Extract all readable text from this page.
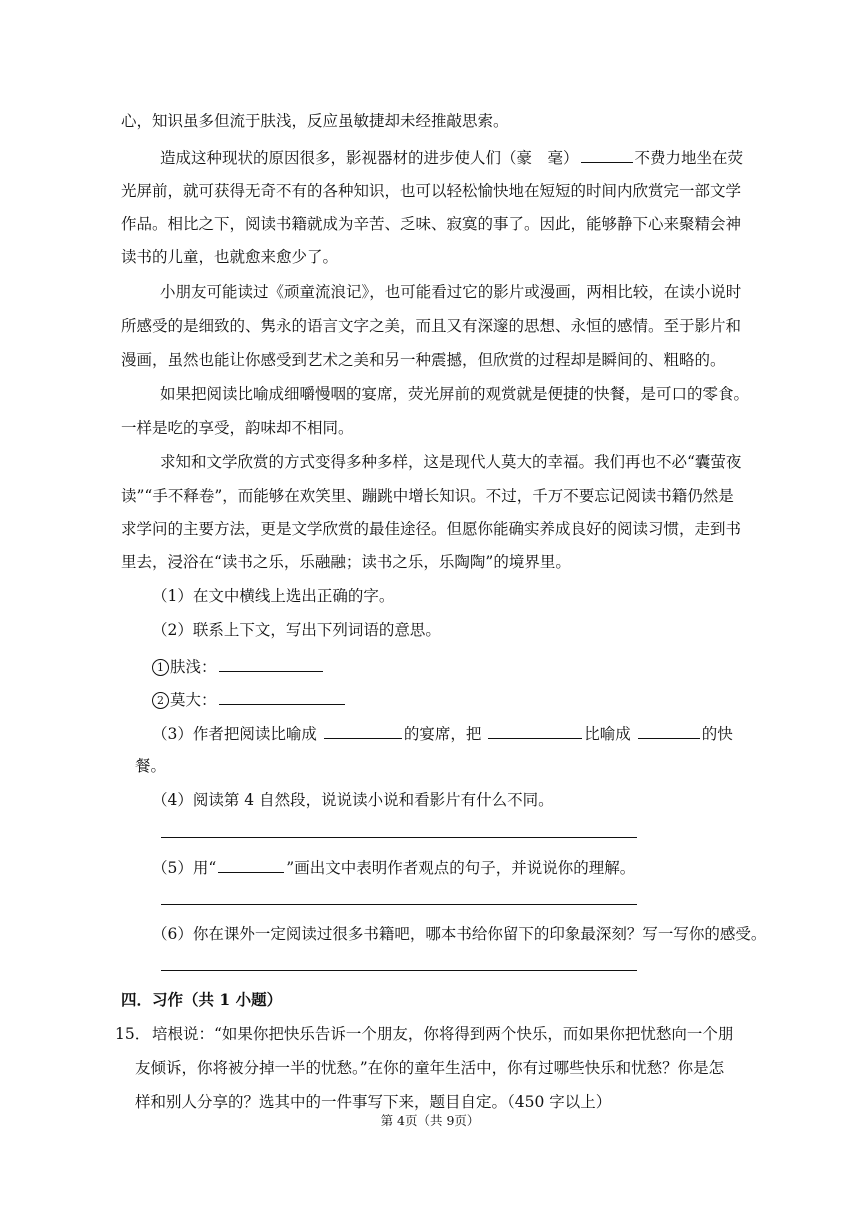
心，知识虽多但流于肤浅，反应虽敏捷却未经推敲思索。
造成这种现状的原因很多，影视器材的进步使人们（豪　毫）	不费力地坐在荧
光屏前，就可获得无奇不有的各种知识，也可以轻松愉快地在短短的时间内欣赏完一部文学
作品。相比之下，阅读书籍就成为辛苦、乏味、寂寞的事了。因此，能够静下心来聚精会神
读书的儿童，也就愈来愈少了。
小朋友可能读过《顽童流浪记》，也可能看过它的影片或漫画，两相比较，在读小说时
所感受的是细致的、隽永的语言文字之美，而且又有深邃的思想、永恒的感情。至于影片和
漫画，虽然也能让你感受到艺术之美和另一种震撼，但欣赏的过程却是瞬间的、粗略的。
如果把阅读比喻成细嚼慢咽的宴席，荧光屏前的观赏就是便捷的快餐，是可口的零食。
一样是吃的享受，韵味却不相同。
求知和文学欣赏的方式变得多种多样，这是现代人莫大的幸福。我们再也不必“囊萤夜
读”“手不释卷”，而能够在欢笑里、蹦跳中增长知识。不过，千万不要忘记阅读书籍仍然是
求学问的主要方法，更是文学欣赏的最佳途径。但愿你能确实养成良好的阅读习惯，走到书
里去，浸浴在“读书之乐，乐融融；读书之乐，乐陶陶”的境界里。
（1）在文中横线上选出正确的字。
（2）联系上下文，写出下列词语的意思。
1 肤浅：
2 莫大：
（3）作者把阅读比喻成	的宴席，把	比喻成	的快
餐。
（4）阅读第 4 自然段，说说读小说和看影片有什么不同。
（5）用“	”画出文中表明作者观点的句子，并说说你的理解。
（6）你在课外一定阅读过很多书籍吧，哪本书给你留下的印象最深刻？写一写你的感受。
四．习作（共 1 小题）
15． 培根说：“如果你把快乐告诉一个朋友，你将得到两个快乐，而如果你把忧愁向一个朋
友倾诉，你将被分掉一半的忧愁。”在你的童年生活中，你有过哪些快乐和忧愁？你是怎
样和别人分享的？选其中的一件事写下来，题目自定。（450 字以上）
第 4页（共 9页）
